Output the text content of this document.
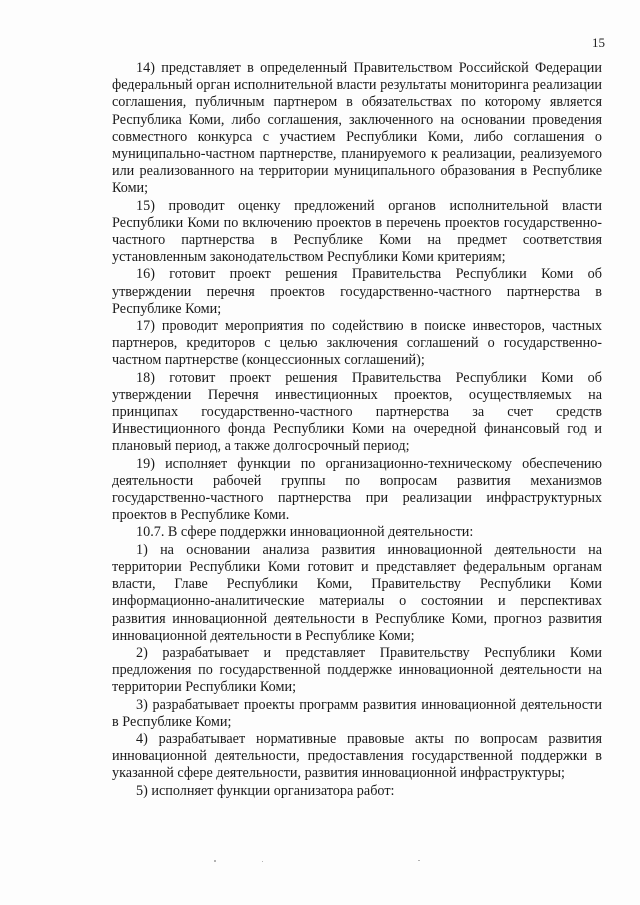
15

14) представляет в определенный Правительством Российской Федерации федеральный орган исполнительной власти результаты мониторинга реализации соглашения, публичным партнером в обязательствах по которому является Республика Коми, либо соглашения, заключенного на основании проведения совместного конкурса с участием Республики Коми, либо соглашения о муниципально-частном партнерстве, планируемого к реализации, реализуемого или реализованного на территории муниципального образования в Республике Коми;

15) проводит оценку предложений органов исполнительной власти Республики Коми по включению проектов в перечень проектов государственно-частного партнерства в Республике Коми на предмет соответствия установленным законодательством Республики Коми критериям;

16) готовит проект решения Правительства Республики Коми об утверждении перечня проектов государственно-частного партнерства в Республике Коми;

17) проводит мероприятия по содействию в поиске инвесторов, частных партнеров, кредиторов с целью заключения соглашений о государственно-частном партнерстве (концессионных соглашений);

18) готовит проект решения Правительства Республики Коми об утверждении Перечня инвестиционных проектов, осуществляемых на принципах государственно-частного партнерства за счет средств Инвестиционного фонда Республики Коми на очередной финансовый год и плановый период, а также долгосрочный период;

19) исполняет функции по организационно-техническому обеспечению деятельности рабочей группы по вопросам развития механизмов государственно-частного партнерства при реализации инфраструктурных проектов в Республике Коми.

10.7. В сфере поддержки инновационной деятельности:

1) на основании анализа развития инновационной деятельности на территории Республики Коми готовит и представляет федеральным органам власти, Главе Республики Коми, Правительству Республики Коми информационно-аналитические материалы о состоянии и перспективах развития инновационной деятельности в Республике Коми, прогноз развития инновационной деятельности в Республике Коми;

2) разрабатывает и представляет Правительству Республики Коми предложения по государственной поддержке инновационной деятельности на территории Республики Коми;

3) разрабатывает проекты программ развития инновационной деятельности в Республике Коми;

4) разрабатывает нормативные правовые акты по вопросам развития инновационной деятельности, предоставления государственной поддержки в указанной сфере деятельности, развития инновационной инфраструктуры;

5) исполняет функции организатора работ:
